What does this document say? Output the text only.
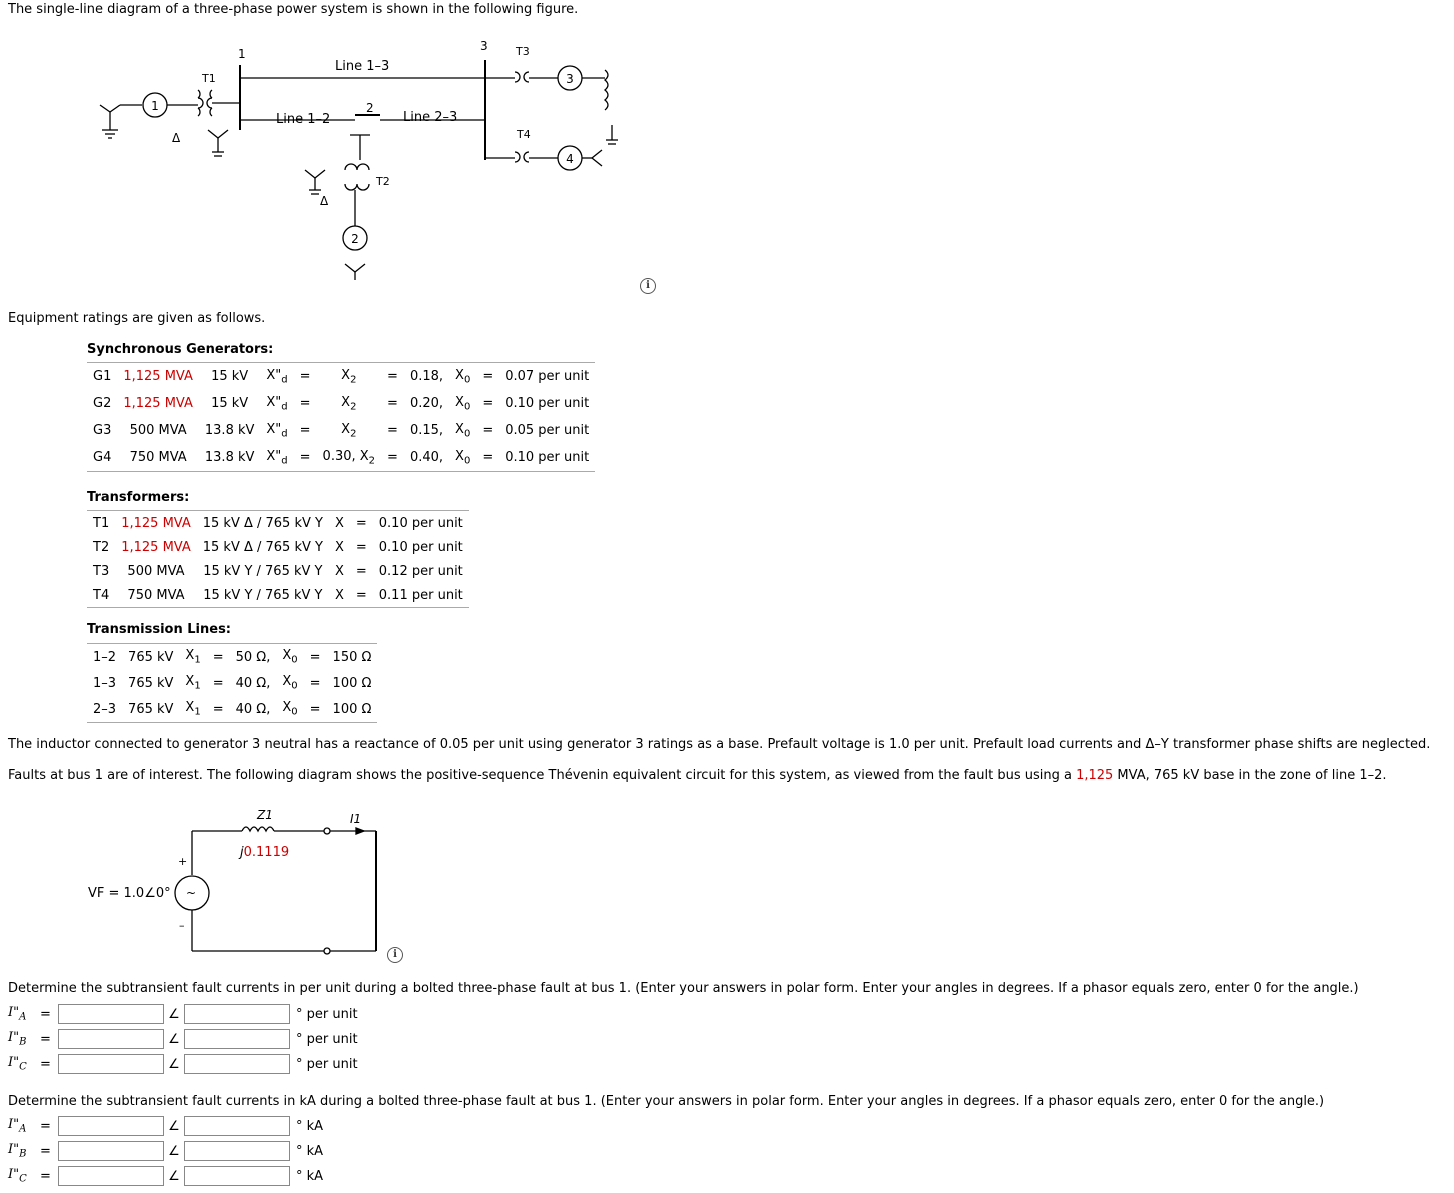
The single-line diagram of a three-phase power system is shown in the following figure.
1
T1
Δ
1
Line 1–3
Line 1–2
2
Line 2–3
3
T2
Δ
2
T3
3
T4
4
i
Equipment ratings are given as follows.
Synchronous Generators:
G1	1,125 MVA	15 kV	$X"_d$	=	$X_2$	=	0.18,	$X_0$	=	0.07 per unit
G2	1,125 MVA	15 kV	$X"_d$	=	$X_2$	=	0.20,	$X_0$	=	0.10 per unit
G3	500 MVA	13.8 kV	$X"_d$	=	$X_2$	=	0.15,	$X_0$	=	0.05 per unit
G4	750 MVA	13.8 kV	$X"_d$	=	0.30, $X_2$	=	0.40,	$X_0$	=	0.10 per unit
Transformers:
T1	1,125 MVA	15 kV Δ / 765 kV Y	X	=	0.10 per unit
T2	1,125 MVA	15 kV Δ / 765 kV Y	X	=	0.10 per unit
T3	500 MVA	15 kV Y / 765 kV Y	X	=	0.12 per unit
T4	750 MVA	15 kV Y / 765 kV Y	X	=	0.11 per unit
Transmission Lines:
1–2	765 kV	$X_1$	=	50 Ω,	$X_0$	=	150 Ω
1–3	765 kV	$X_1$	=	40 Ω,	$X_0$	=	100 Ω
2–3	765 kV	$X_1$	=	40 Ω,	$X_0$	=	100 Ω
The inductor connected to generator 3 neutral has a reactance of 0.05 per unit using generator 3 ratings as a base. Prefault voltage is 1.0 per unit. Prefault load currents and Δ–Y transformer phase shifts are neglected.
Faults at bus 1 are of interest. The following diagram shows the positive-sequence Thévenin equivalent circuit for this system, as viewed from the fault bus using a 1,125 MVA, 765 kV base in the zone of line 1–2.
~
+
–
Z1	I1
j0.1119
VF = 1.0∠0°
i
Determine the subtransient fault currents in per unit during a bolted three-phase fault at bus 1. (Enter your answers in polar form. Enter your angles in degrees. If a phasor equals zero, enter 0 for the angle.)
$I"_A$	=	∠	° per unit
$I"_B$	=	∠	° per unit
$I"_C$	=	∠	° per unit
Determine the subtransient fault currents in kA during a bolted three-phase fault at bus 1. (Enter your answers in polar form. Enter your angles in degrees. If a phasor equals zero, enter 0 for the angle.)
$I"_A$	=	∠	° kA
$I"_B$	=	∠	° kA
$I"_C$	=	∠	° kA
